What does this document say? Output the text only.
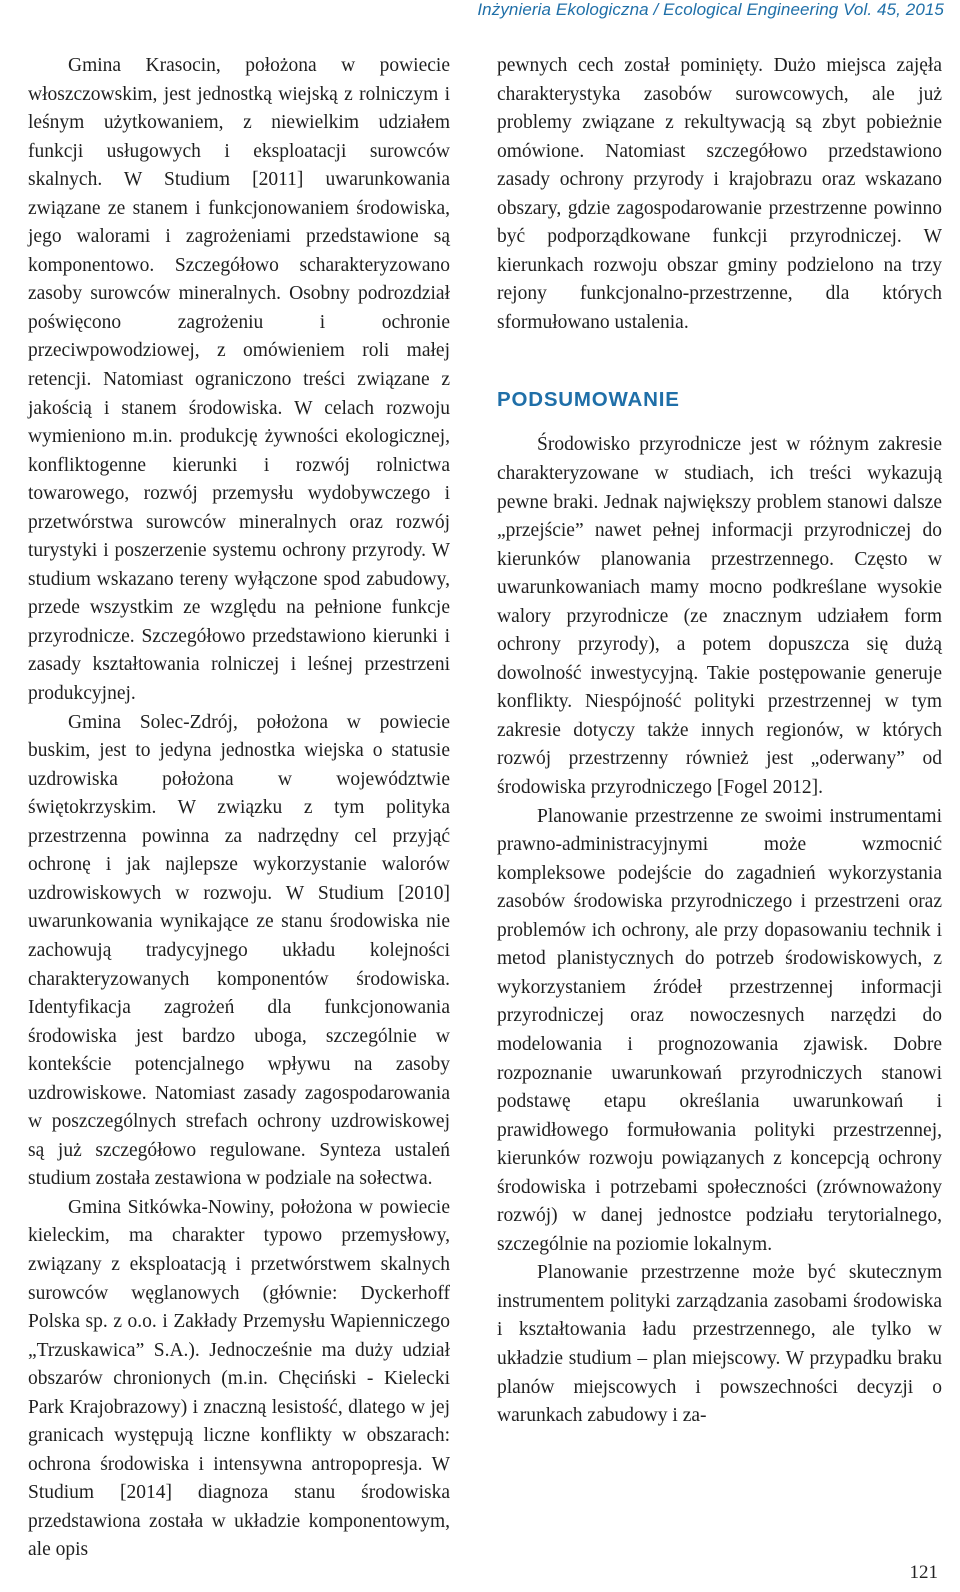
Inżynieria Ekologiczna / Ecological Engineering Vol. 45, 2015

Gmina Krasocin, położona w powiecie włoszczowskim, jest jednostką wiejską z rolniczym i leśnym użytkowaniem, z niewielkim udziałem funkcji usługowych i eksploatacji surowców skalnych. W Studium [2011] uwarunkowania związane ze stanem i funkcjonowaniem środowiska, jego walorami i zagrożeniami przedstawione są komponentowo. Szczegółowo scharakteryzowano zasoby surowców mineralnych. Osobny podrozdział poświęcono zagrożeniu i ochronie przeciwpowodziowej, z omówieniem roli małej retencji. Natomiast ograniczono treści związane z jakością i stanem środowiska. W celach rozwoju wymieniono m.in. produkcję żywności ekologicznej, konfliktogenne kierunki i rozwój rolnictwa towarowego, rozwój przemysłu wydobywczego i przetwórstwa surowców mineralnych oraz rozwój turystyki i poszerzenie systemu ochrony przyrody. W studium wskazano tereny wyłączone spod zabudowy, przede wszystkim ze względu na pełnione funkcje przyrodnicze. Szczegółowo przedstawiono kierunki i zasady kształtowania rolniczej i leśnej przestrzeni produkcyjnej.

Gmina Solec-Zdrój, położona w powiecie buskim, jest to jedyna jednostka wiejska o statusie uzdrowiska położona w województwie świętokrzyskim. W związku z tym polityka przestrzenna powinna za nadrzędny cel przyjąć ochronę i jak najlepsze wykorzystanie walorów uzdrowiskowych w rozwoju. W Studium [2010] uwarunkowania wynikające ze stanu środowiska nie zachowują tradycyjnego układu kolejności charakteryzowanych komponentów środowiska. Identyfikacja zagrożeń dla funkcjonowania środowiska jest bardzo uboga, szczególnie w kontekście potencjalnego wpływu na zasoby uzdrowiskowe. Natomiast zasady zagospodarowania w poszczególnych strefach ochrony uzdrowiskowej są już szczegółowo regulowane. Synteza ustaleń studium została zestawiona w podziale na sołectwa.

Gmina Sitkówka-Nowiny, położona w powiecie kieleckim, ma charakter typowo przemysłowy, związany z eksploatacją i przetwórstwem skalnych surowców węglanowych (głównie: Dyckerhoff Polska sp. z o.o. i Zakłady Przemysłu Wapienniczego „Trzuskawica” S.A.). Jednocześnie ma duży udział obszarów chronionych (m.in. Chęciński - Kielecki Park Krajobrazowy) i znaczną lesistość, dlatego w jej granicach występują liczne konflikty w obszarach: ochrona środowiska i intensywna antropopresja. W Studium [2014] diagnoza stanu środowiska przedstawiona została w układzie komponentowym, ale opis

pewnych cech został pominięty. Dużo miejsca zajęła charakterystyka zasobów surowcowych, ale już problemy związane z rekultywacją są zbyt pobieżnie omówione. Natomiast szczegółowo przedstawiono zasady ochrony przyrody i krajobrazu oraz wskazano obszary, gdzie zagospodarowanie przestrzenne powinno być podporządkowane funkcji przyrodniczej. W kierunkach rozwoju obszar gminy podzielono na trzy rejony funkcjonalno-przestrzenne, dla których sformułowano ustalenia.

PODSUMOWANIE

Środowisko przyrodnicze jest w różnym zakresie charakteryzowane w studiach, ich treści wykazują pewne braki. Jednak największy problem stanowi dalsze „przejście” nawet pełnej informacji przyrodniczej do kierunków planowania przestrzennego. Często w uwarunkowaniach mamy mocno podkreślane wysokie walory przyrodnicze (ze znacznym udziałem form ochrony przyrody), a potem dopuszcza się dużą dowolność inwestycyjną. Takie postępowanie generuje konflikty. Niespójność polityki przestrzennej w tym zakresie dotyczy także innych regionów, w których rozwój przestrzenny również jest „oderwany” od środowiska przyrodniczego [Fogel 2012].

Planowanie przestrzenne ze swoimi instrumentami prawno-administracyjnymi może wzmocnić kompleksowe podejście do zagadnień wykorzystania zasobów środowiska przyrodniczego i przestrzeni oraz problemów ich ochrony, ale przy dopasowaniu technik i metod planistycznych do potrzeb środowiskowych, z wykorzystaniem źródeł przestrzennej informacji przyrodniczej oraz nowoczesnych narzędzi do modelowania i prognozowania zjawisk. Dobre rozpoznanie uwarunkowań przyrodniczych stanowi podstawę etapu określania uwarunkowań i prawidłowego formułowania polityki przestrzennej, kierunków rozwoju powiązanych z koncepcją ochrony środowiska i potrzebami społeczności (zrównoważony rozwój) w danej jednostce podziału terytorialnego, szczególnie na poziomie lokalnym.

Planowanie przestrzenne może być skutecznym instrumentem polityki zarządzania zasobami środowiska i kształtowania ładu przestrzennego, ale tylko w układzie studium – plan miejscowy. W przypadku braku planów miejscowych i powszechności decyzji o warunkach zabudowy i za-

121
